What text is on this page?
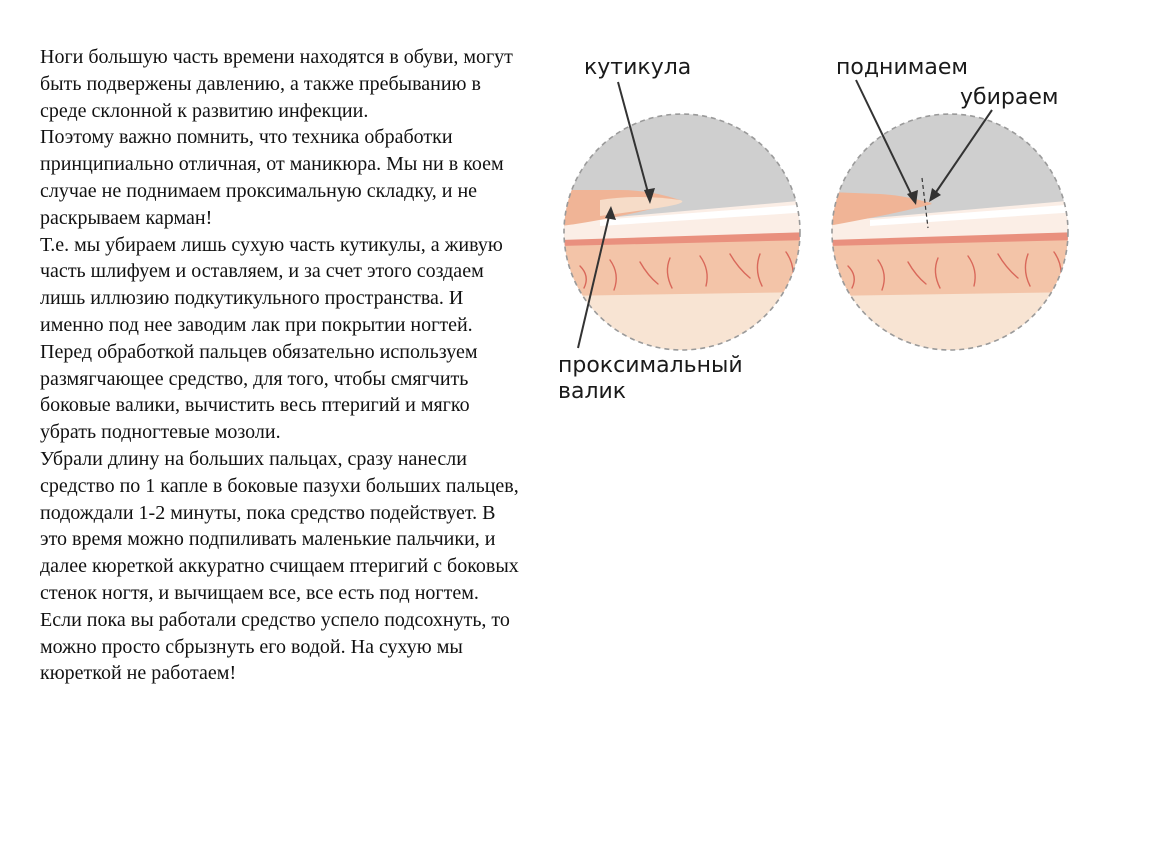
Ноги большую часть времени находятся в обуви, могут быть подвержены давлению, а также пребыванию в среде склонной к развитию инфекции.

Поэтому важно помнить, что техника обработки принципиально отличная, от маникюра. Мы ни в коем случае не поднимаем проксимальную складку, и не раскрываем карман!

Т.е. мы убираем лишь сухую часть кутикулы, а живую часть шлифуем и оставляем, и за счет этого создаем лишь иллюзию подкутикульного пространства. И именно под нее заводим лак при покрытии ногтей.

Перед обработкой пальцев обязательно используем размягчающее средство, для того, чтобы смягчить боковые валики, вычистить весь птеригий и мягко убрать подногтевые мозоли.

Убрали длину на больших пальцах, сразу нанесли средство по 1 капле в боковые пазухи больших пальцев, подождали 1-2 минуты, пока средство подействует. В это время можно подпиливать маленькие пальчики, и далее кюреткой аккуратно счищаем птеригий с боковых стенок ногтя, и вычищаем все, все есть под ногтем.

Если пока вы работали средство успело подсохнуть, то можно просто сбрызнуть его водой. На сухую мы кюреткой не работаем!

кутикула
проксимальный
валик
поднимаем
убираем
